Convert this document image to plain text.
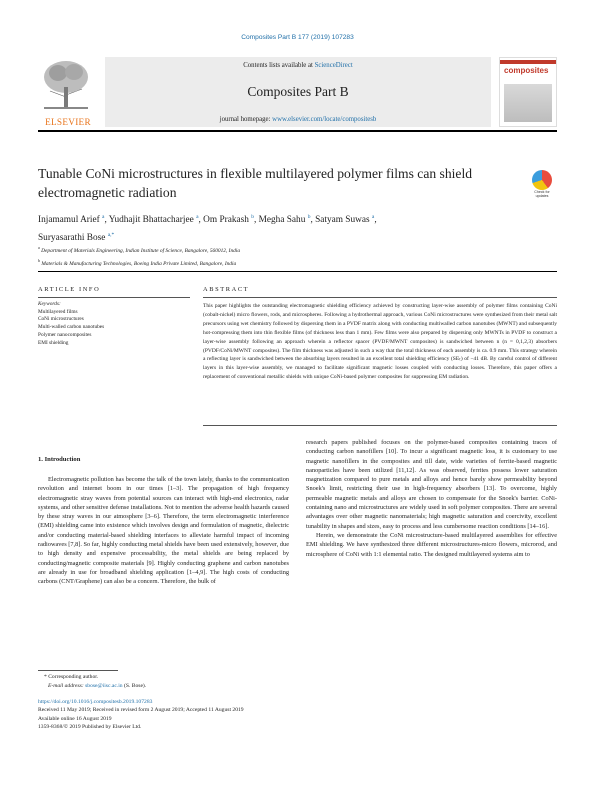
Composites Part B 177 (2019) 107283
ELSEVIER
Contents lists available at ScienceDirect
Composites Part B
journal homepage: www.elsevier.com/locate/compositesb
composites
Tunable CoNi microstructures in flexible multilayered polymer films can shield electromagnetic radiation	Check for updates
Injamamul Arief $^a$, Yudhajit Bhattacharjee $^a$, Om Prakash $^b$, Megha Sahu $^b$, Satyam Suwas $^a$,
Suryasarathi Bose $^{a,*}$
$^a$ Department of Materials Engineering, Indian Institute of Science, Bangalore, 560012, India
$^b$ Materials & Manufacturing Technologies, Boeing India Private Limited, Bangalore, India
ARTICLE INFO	ABSTRACT
Keywords:
Multilayered films
CoNi microstructures
Multi-walled carbon nanotubes
Polymer nanocomposites
EMI shielding
This paper highlights the outstanding electromagnetic shielding efficiency achieved by constructing layer-wise assembly of polymer films containing CoNi (cobalt-nickel) micro flowers, rods, and microspheres. Following a hydrothermal approach, various CoNi microstructures were synthesized from their metal salt precursors using wet chemistry followed by dispersing them in a PVDF matrix along with conducting multiwalled carbon nanotubes (MWNT) and subsequently hot-compressing them into thin flexible films (of thickness less than 1 mm). Few films were also prepared by dispersing only MWNTs in PVDF to construct a layer-wise assembly following an approach wherein a reflector spacer (PVDF/MWNT composites) is sandwiched between n (n = 0,1,2,3) absorbers (PVDF/CoNi/MWNT composites). The film thickness was adjusted in such a way that the total thickness of each assembly is ca. 0.9 mm. This strategy wherein a reflecting layer is sandwiched between the absorbing layers resulted in an excellent total shielding efficiency (SEₜ) of −41 dB. By careful control of different layers in this layer-wise assembly, we managed to facilitate significant magnetic losses coupled with conducting losses. Therefore, this paper offers a replacement of conventional metallic shields with unique CoNi-based polymer composites for suppressing EM radiation.
1. Introduction
Electromagnetic pollution has become the talk of the town lately, thanks to the communication revolution and internet boom in our times [1–3]. The propagation of high frequency electromagnetic stray waves from potential sources can interact with high-end electronics, radar systems, and other sensitive defense installations. Not to mention the adverse health hazards caused by these stray waves in our atmosphere [3–6]. Therefore, the term electromagnetic interference (EMI) shielding came into existence which involves design and formulation of magnetic, dielectric and/or conducting material-based shielding interfaces to alleviate harmful impact of incoming radiowaves [7,8]. So far, highly conducting metal shields have been used extensively, however, due to high density and expensive processability, the metal shields are being replaced by conducting/magnetic composite materials [9]. Highly conducting graphene and carbon nanotubes are already in use for broadband shielding application [1–4,9]. The high costs of conducting carbons (CNT/Graphene) can also be a concern. Therefore, the bulk of

research papers published focuses on the polymer-based composites containing traces of conducting carbon nanofillers [10]. To incur a significant magnetic loss, it is customary to use magnetic nanofillers in the composites and till date, wide varieties of ferrite-based magnetic nanoparticles have been utilized [11,12]. As was observed, ferrites possess lower saturation magnetization compared to pure metals and alloys and hence barely show permeability beyond Snoek's limit, restricting their use in high-frequency absorbers [13]. To overcome, highly permeable magnetic metals and alloys are chosen to compensate for the Snoek's barrier. CoNi-containing nano and microstructures are widely used in soft polymer composites. There are several advantages over other magnetic nanomaterials; high magnetic saturation and coercivity, excellent tunability in shapes and sizes, easy to process and less cumbersome reaction conditions [14–16].

Herein, we demonstrate the CoNi microstructure-based multilayered assemblies for effective EMI shielding. We have synthesized three different microstructures-micro flowers, microrod, and microsphere of CoNi with 1:1 elemental ratio. The designed multilayered systems aim to

* Corresponding author.
E-mail address: sbose@iisc.ac.in (S. Bose).
https://doi.org/10.1016/j.compositesb.2019.107283
Received 11 May 2019; Received in revised form 2 August 2019; Accepted 11 August 2019
Available online 16 August 2019
1359-8368/© 2019 Published by Elsevier Ltd.
